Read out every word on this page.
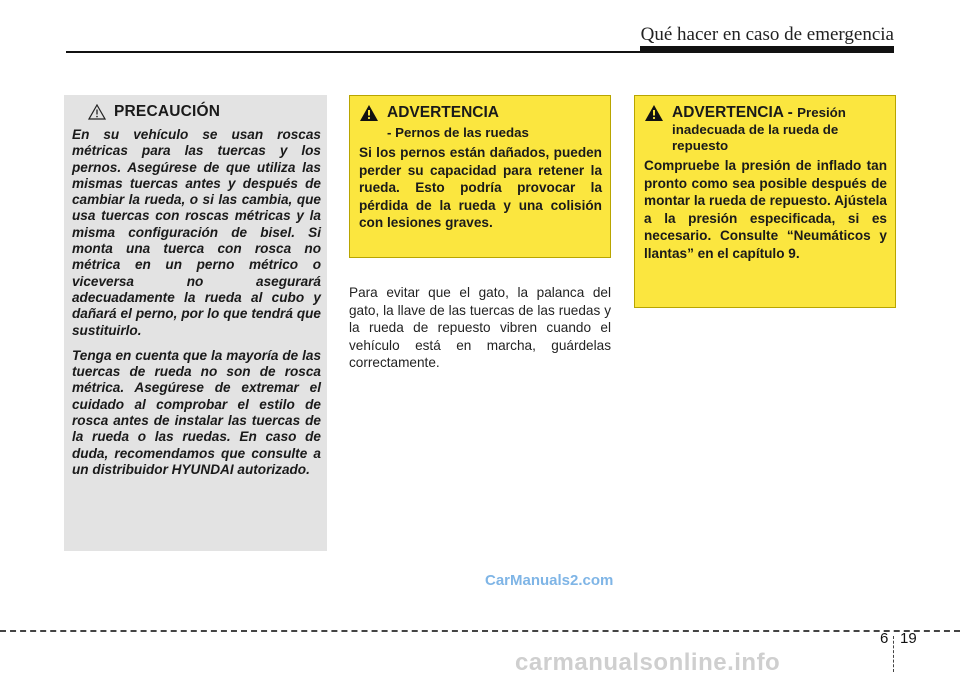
Qué hacer en caso de emergencia
PRECAUCIÓN

En su vehículo se usan roscas métricas para las tuercas y los pernos. Asegúrese de que utiliza las mismas tuercas antes y después de cambiar la rueda, o si las cambia, que usa tuercas con roscas métricas y la misma configuración de bisel. Si monta una tuerca con rosca no métrica en un perno métrico o viceversa no asegurará adecuadamente la rueda al cubo y dañará el perno, por lo que tendrá que sustituirlo.

Tenga en cuenta que la mayoría de las tuercas de rueda no son de rosca métrica. Asegúrese de extremar el cuidado al comprobar el estilo de rosca antes de instalar las tuercas de la rueda o las ruedas. En caso de duda, recomendamos que consulte a un distribuidor HYUNDAI autorizado.

ADVERTENCIA
- Pernos de las ruedas

Si los pernos están dañados, pueden perder su capacidad para retener la rueda. Esto podría provocar la pérdida de la rueda y una colisión con lesiones graves.

ADVERTENCIA - Presión
inadecuada de la rueda de repuesto

Compruebe la presión de inflado tan pronto como sea posible después de montar la rueda de repuesto. Ajústela a la presión especificada, si es necesario. Consulte “Neumáticos y llantas” en el capítulo 9.

Para evitar que el gato, la palanca del gato, la llave de las tuercas de las ruedas y la rueda de repuesto vibren cuando el vehículo está en marcha, guárdelas correctamente.

CarManuals2.com
6 19
carmanualsonline.info
